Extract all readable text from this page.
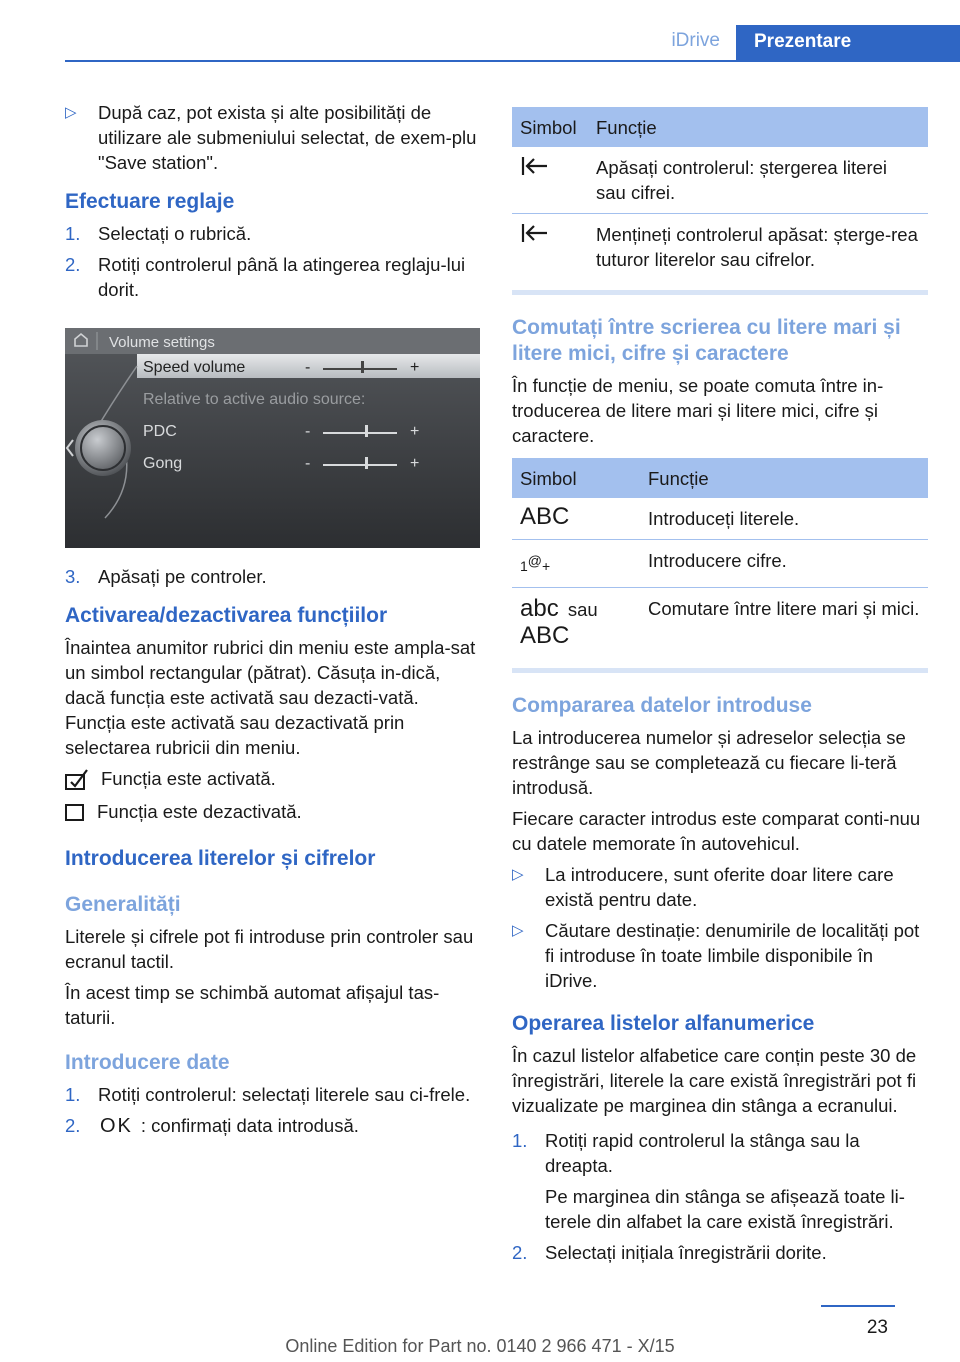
iDrive	Prezentare
▷	După caz, pot exista și alte posibilități de utilizare ale submeniului selectat, de exem‐plu "Save station".
Efectuare reglaje
1. Selectați o rubrică.
2. Rotiți controlerul până la atingerea reglaju‐lui dorit.
Volume settings
Speed volume	-	+
Relative to active audio source:
PDC	-	+
Gong	-	+
3. Apăsați pe controler.
Activarea/dezactivarea funcțiilor

Înaintea anumitor rubrici din meniu este ampla‐sat un simbol rectangular (pătrat). Căsuța in‐dică, dacă funcția este activată sau dezacti‐vată. Funcția este activată sau dezactivată prin selectarea rubricii din meniu.

Funcția este activată.
Funcția este dezactivată.
Introducerea literelor și cifrelor
Generalități

Literele și cifrele pot fi introduse prin controler sau ecranul tactil.

În acest timp se schimbă automat afișajul tas‐taturii.

Introducere date
1. Rotiți controlerul: selectați literele sau ci‐frele.
2. OK : confirmați data introdusă.
Simbol	Funcție
	Apăsați controlerul: ștergerea literei sau cifrei.
	Mențineți controlerul apăsat: șterge‐rea tuturor literelor sau cifrelor.
Comutați între scrierea cu litere mari și litere mici, cifre și caractere

În funcție de meniu, se poate comuta între in‐troducerea de litere mari și litere mici, cifre și caractere.

Simbol	Funcție
ABC	Introduceți literele.
1@+	Introducere cifre.
abc sau
ABC	Comutare între litere mari și mici.
Compararea datelor introduse

La introducerea numelor și adreselor selecția se restrânge sau se completează cu fiecare li‐teră introdusă.

Fiecare caracter introdus este comparat conti‐nuu cu datele memorate în autovehicul.

▷	La introducere, sunt oferite doar litere care există pentru date.
▷	Căutare destinație: denumirile de localități pot fi introduse în toate limbile disponibile în iDrive.
Operarea listelor alfanumerice

În cazul listelor alfabetice care conțin peste 30 de înregistrări, literele la care există înregistrări pot fi vizualizate pe marginea din stânga a ecranului.

1. Rotiți rapid controlerul la stânga sau la dreapta.
Pe marginea din stânga se afișează toate li‐terele din alfabet la care există înregistrări.
2. Selectați inițiala înregistrării dorite.
23
Online Edition for Part no. 0140 2 966 471 - X/15
